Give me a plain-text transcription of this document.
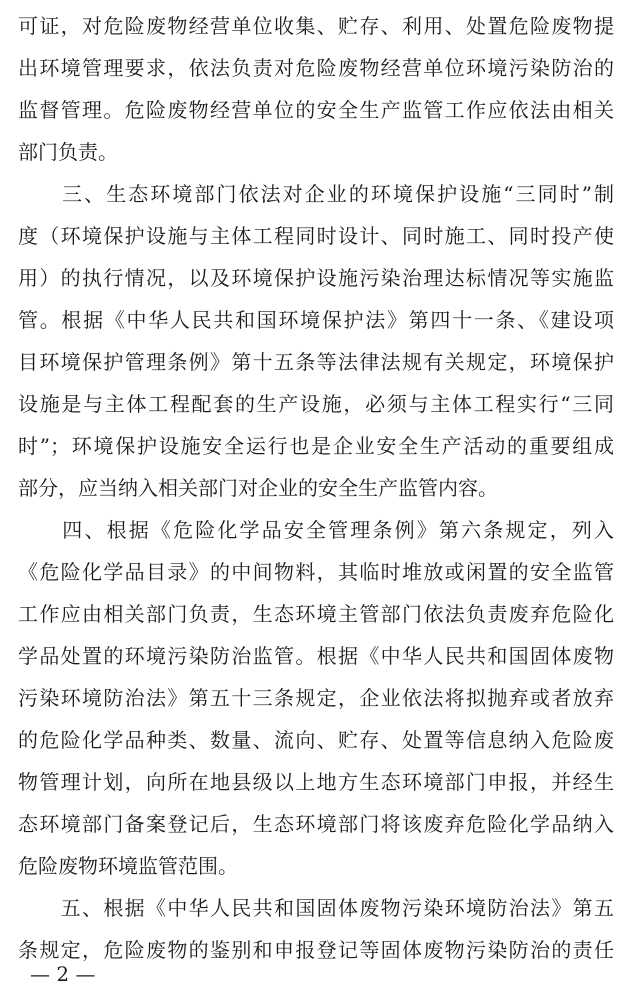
可证，对危险废物经营单位收集、贮存、利用、处置危险废物提
出环境管理要求，依法负责对危险废物经营单位环境污染防治的
监督管理。危险废物经营单位的安全生产监管工作应依法由相关
部门负责。
　　三、生态环境部门依法对企业的环境保护设施“三同时”制
度（环境保护设施与主体工程同时设计、同时施工、同时投产使
用）的执行情况，以及环境保护设施污染治理达标情况等实施监
管。根据《中华人民共和国环境保护法》第四十一条、《建设项
目环境保护管理条例》第十五条等法律法规有关规定，环境保护
设施是与主体工程配套的生产设施，必须与主体工程实行“三同
时”；环境保护设施安全运行也是企业安全生产活动的重要组成
部分，应当纳入相关部门对企业的安全生产监管内容。
　　四、根据《危险化学品安全管理条例》第六条规定，列入
《危险化学品目录》的中间物料，其临时堆放或闲置的安全监管
工作应由相关部门负责，生态环境主管部门依法负责废弃危险化
学品处置的环境污染防治监管。根据《中华人民共和国固体废物
污染环境防治法》第五十三条规定，企业依法将拟抛弃或者放弃
的危险化学品种类、数量、流向、贮存、处置等信息纳入危险废
物管理计划，向所在地县级以上地方生态环境部门申报，并经生
态环境部门备案登记后，生态环境部门将该废弃危险化学品纳入
危险废物环境监管范围。
　　五、根据《中华人民共和国固体废物污染环境防治法》第五
条规定，危险废物的鉴别和申报登记等固体废物污染防治的责任
— 2 —
